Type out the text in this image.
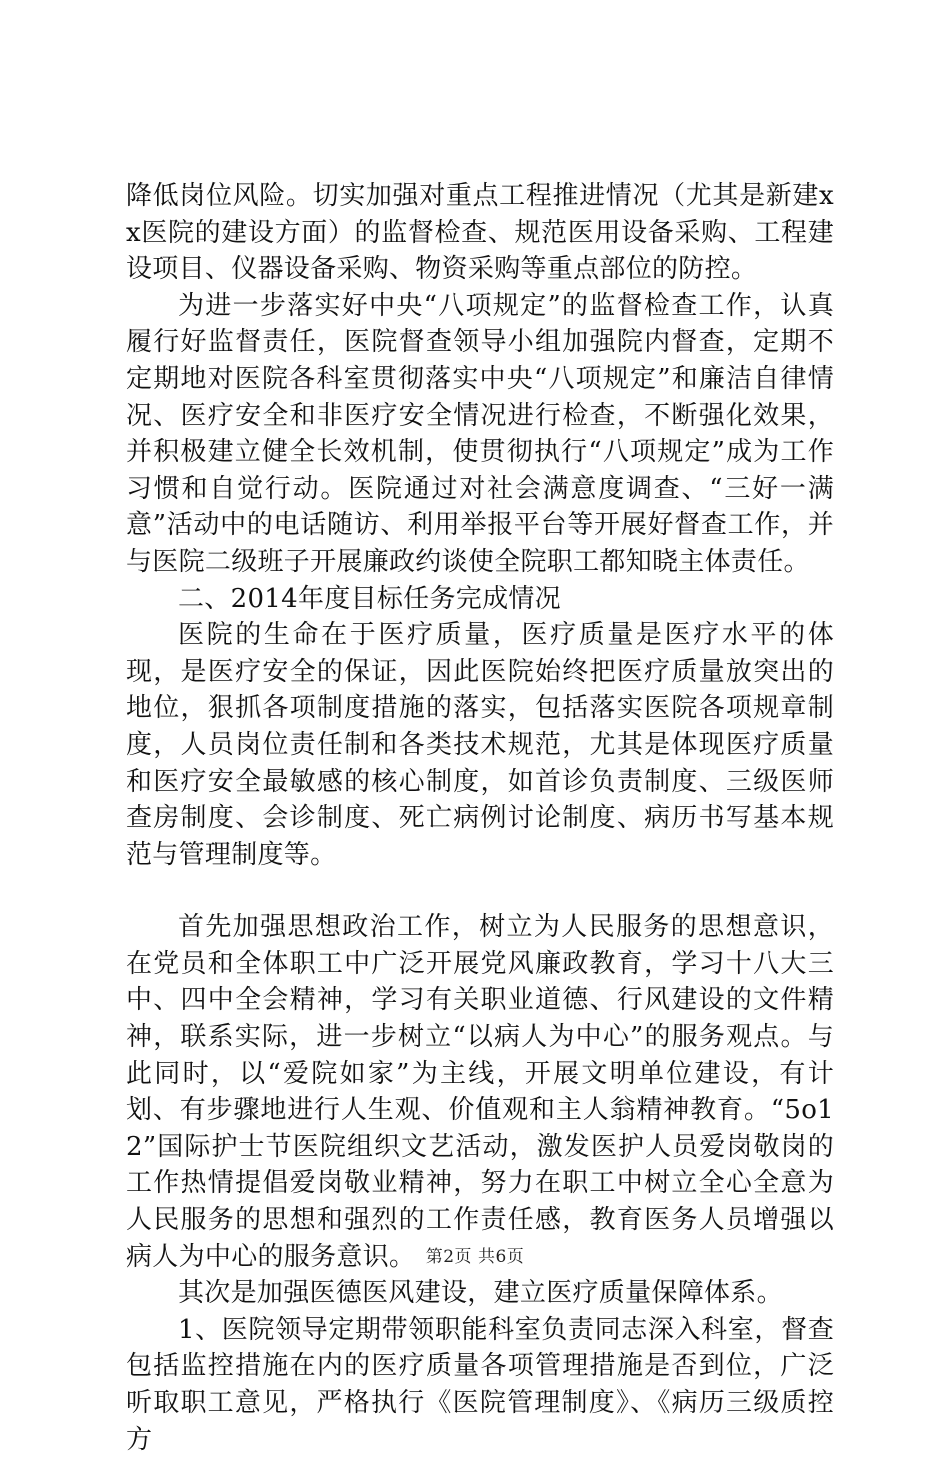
降低岗位风险。切实加强对重点工程推进情况（尤其是新建xx医院的建设方面）的监督检查、规范医用设备采购、工程建设项目、仪器设备采购、物资采购等重点部位的防控。

为进一步落实好中央“八项规定”的监督检查工作，认真履行好监督责任，医院督查领导小组加强院内督查，定期不定期地对医院各科室贯彻落实中央“八项规定”和廉洁自律情况、医疗安全和非医疗安全情况进行检查，不断强化效果，并积极建立健全长效机制，使贯彻执行“八项规定”成为工作习惯和自觉行动。医院通过对社会满意度调查、“三好一满意”活动中的电话随访、利用举报平台等开展好督查工作，并与医院二级班子开展廉政约谈使全院职工都知晓主体责任。

二、2014年度目标任务完成情况

医院的生命在于医疗质量，医疗质量是医疗水平的体现，是医疗安全的保证，因此医院始终把医疗质量放突出的地位，狠抓各项制度措施的落实，包括落实医院各项规章制度，人员岗位责任制和各类技术规范，尤其是体现医疗质量和医疗安全最敏感的核心制度，如首诊负责制度、三级医师查房制度、会诊制度、死亡病例讨论制度、病历书写基本规范与管理制度等。

首先加强思想政治工作，树立为人民服务的思想意识，在党员和全体职工中广泛开展党风廉政教育，学习十八大三中、四中全会精神，学习有关职业道德、行风建设的文件精神，联系实际，进一步树立“以病人为中心”的服务观点。与此同时，以“爱院如家”为主线，开展文明单位建设，有计划、有步骤地进行人生观、价值观和主人翁精神教育。“5o12”国际护士节医院组织文艺活动，激发医护人员爱岗敬岗的工作热情提倡爱岗敬业精神，努力在职工中树立全心全意为人民服务的思想和强烈的工作责任感，教育医务人员增强以病人为中心的服务意识。

其次是加强医德医风建设，建立医疗质量保障体系。

1、医院领导定期带领职能科室负责同志深入科室，督查包括监控措施在内的医疗质量各项管理措施是否到位，广泛听取职工意见，严格执行《医院管理制度》、《病历三级质控方

第2页 共6页
